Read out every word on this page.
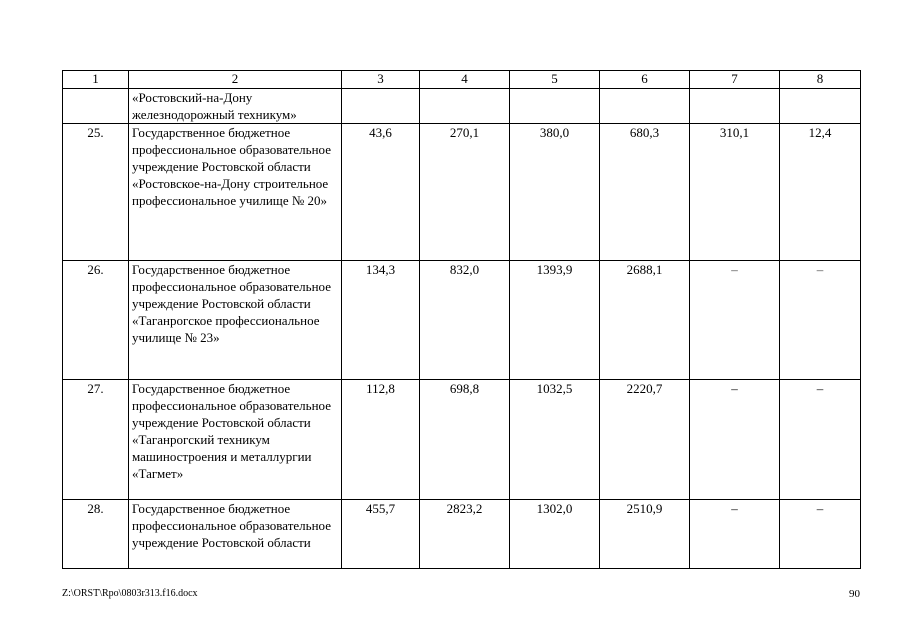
1	2	3	4	5	6	7	8
	«Ростовский-на-Дону железнодорожный техникум»						
25.	Государственное бюджетное профессиональное образовательное учреждение Ростовской области «Ростовское-на-Дону строительное профессиональное училище № 20»	43,6	270,1	380,0	680,3	310,1	12,4
26.	Государственное бюджетное профессиональное образовательное учреждение Ростовской области «Таганрогское профессиональное училище № 23»	134,3	832,0	1393,9	2688,1	–	–
27.	Государственное бюджетное профессиональное образовательное учреждение Ростовской области «Таганрогский техникум машиностроения и металлургии «Тагмет»	112,8	698,8	1032,5	2220,7	–	–
28.	Государственное бюджетное профессиональное образовательное учреждение Ростовской области	455,7	2823,2	1302,0	2510,9	–	–
Z:\ORST\Rpo\0803r313.f16.docx	90
